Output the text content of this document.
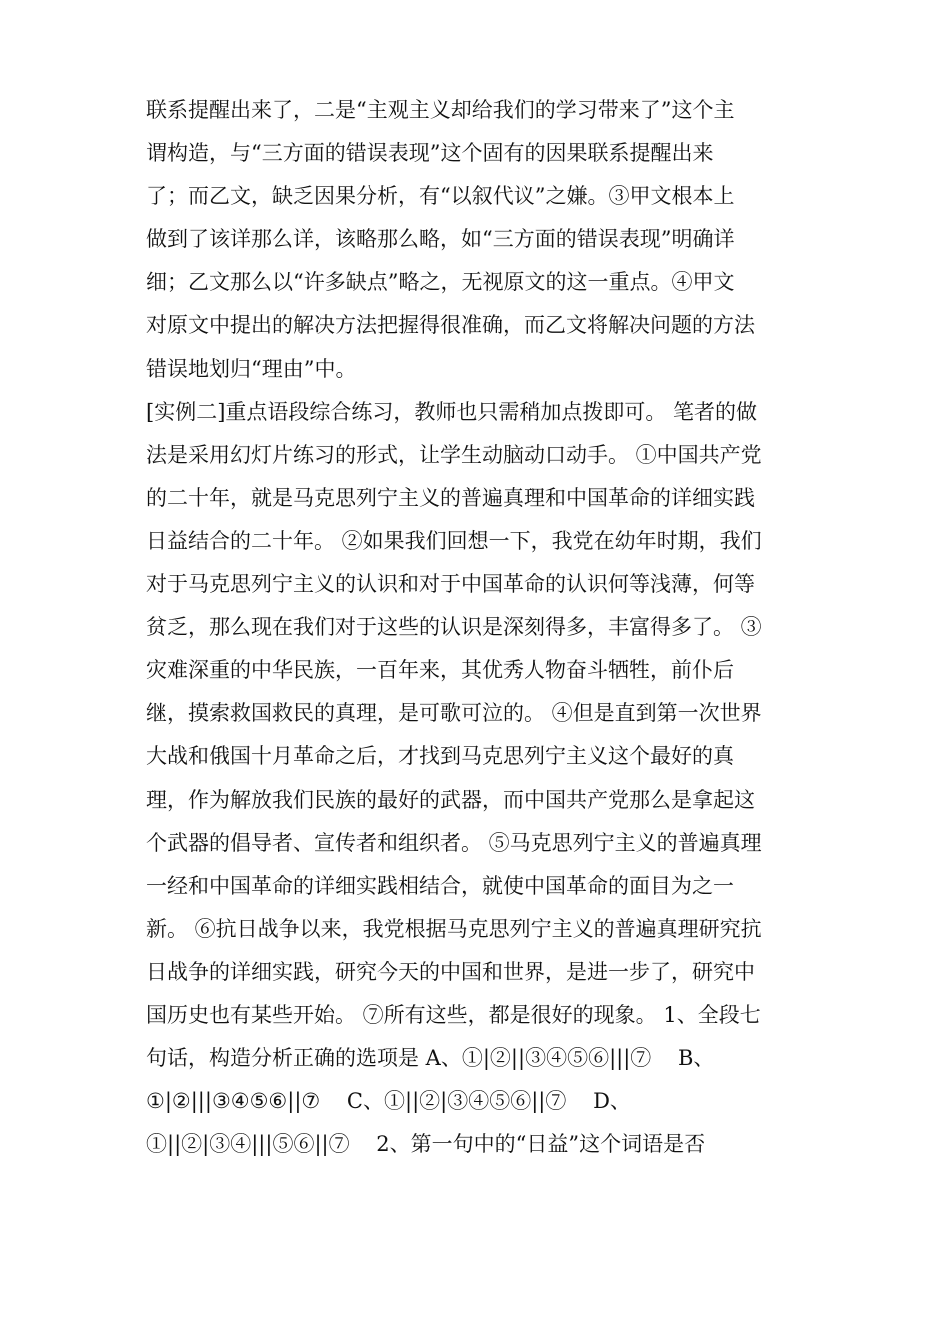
联系提醒出来了，二是“主观主义却给我们的学习带来了”这个主
谓构造，与“三方面的错误表现”这个固有的因果联系提醒出来
了；而乙文，缺乏因果分析，有“以叙代议”之嫌。③甲文根本上
做到了该详那么详，该略那么略，如“三方面的错误表现”明确详
细；乙文那么以“许多缺点”略之，无视原文的这一重点。④甲文
对原文中提出的解决方法把握得很准确，而乙文将解决问题的方法
错误地划归“理由”中。
[实例二]重点语段综合练习，教师也只需稍加点拨即可。 笔者的做
法是采用幻灯片练习的形式，让学生动脑动口动手。 ①中国共产党
的二十年，就是马克思列宁主义的普遍真理和中国革命的详细实践
日益结合的二十年。 ②如果我们回想一下，我党在幼年时期，我们
对于马克思列宁主义的认识和对于中国革命的认识何等浅薄，何等
贫乏，那么现在我们对于这些的认识是深刻得多，丰富得多了。 ③
灾难深重的中华民族，一百年来，其优秀人物奋斗牺牲，前仆后
继，摸索救国救民的真理，是可歌可泣的。 ④但是直到第一次世界
大战和俄国十月革命之后，才找到马克思列宁主义这个最好的真
理，作为解放我们民族的最好的武器，而中国共产党那么是拿起这
个武器的倡导者、宣传者和组织者。 ⑤马克思列宁主义的普遍真理
一经和中国革命的详细实践相结合，就使中国革命的面目为之一
新。 ⑥抗日战争以来，我党根据马克思列宁主义的普遍真理研究抗
日战争的详细实践，研究今天的中国和世界，是进一步了，研究中
国历史也有某些开始。 ⑦所有这些，都是很好的现象。 1、全段七
句话，构造分析正确的选项是 A、①|②||③④⑤⑥|||⑦    B、
①|②|||③④⑤⑥||⑦    C、①||②|③④⑤⑥||⑦    D、
①||②|③④|||⑤⑥||⑦    2、第一句中的“日益”这个词语是否
